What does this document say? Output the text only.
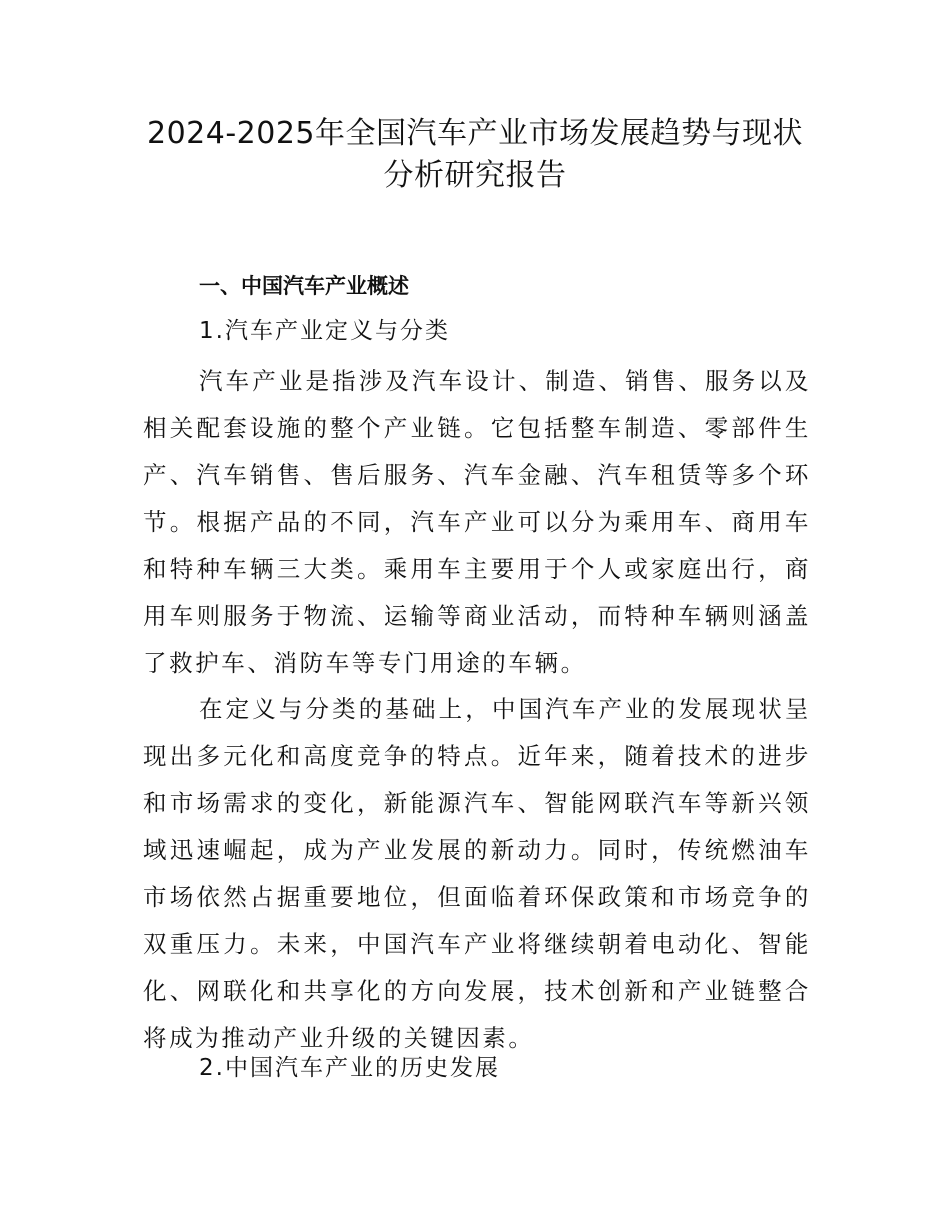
2024-2025年全国汽车产业市场发展趋势与现状
分析研究报告
一、中国汽车产业概述
1.汽车产业定义与分类

汽车产业是指涉及汽车设计、制造、销售、服务以及相关配套设施的整个产业链。它包括整车制造、零部件生产、汽车销售、售后服务、汽车金融、汽车租赁等多个环节。根据产品的不同，汽车产业可以分为乘用车、商用车和特种车辆三大类。乘用车主要用于个人或家庭出行，商用车则服务于物流、运输等商业活动，而特种车辆则涵盖了救护车、消防车等专门用途的车辆。

在定义与分类的基础上，中国汽车产业的发展现状呈现出多元化和高度竞争的特点。近年来，随着技术的进步和市场需求的变化，新能源汽车、智能网联汽车等新兴领域迅速崛起，成为产业发展的新动力。同时，传统燃油车市场依然占据重要地位，但面临着环保政策和市场竞争的双重压力。未来，中国汽车产业将继续朝着电动化、智能化、网联化和共享化的方向发展，技术创新和产业链整合将成为推动产业升级的关键因素。

2.中国汽车产业的历史发展
